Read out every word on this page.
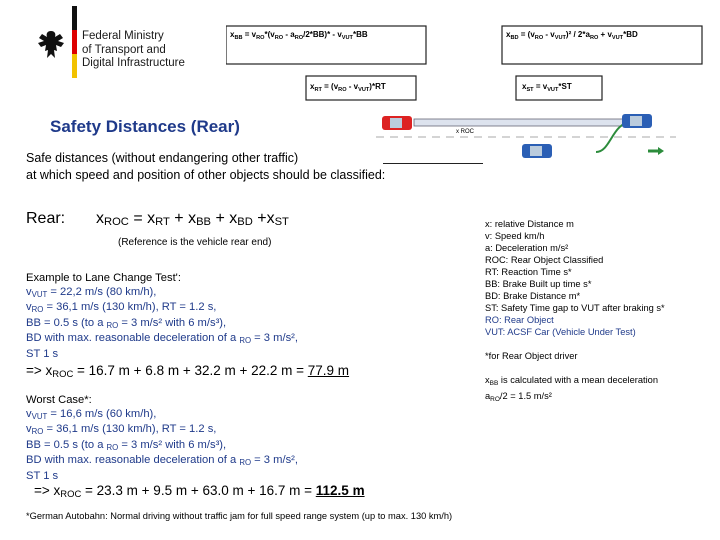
Federal Ministry
of Transport and
Digital Infrastructure
Safety Distances (Rear)
$x_{BB} = v_{RO}*(v_{RO} - a_{RO}/2*BB)* - v_{VUT}*BB$	$x_{BD} = (v_{RO} - v_{VUT})^2 / 2*a_{RO} + v_{VUT}*BD$
$x_{RT} = (v_{RO} - v_{VUT})*RT$	$x_{ST} = v_{VUT}*ST$
x ROC
Safe distances (without endangering other traffic)
at which speed and position of other objects should be classified:
Rear: $x_{ROC} = x_{RT} + x_{BB} + x_{BD} +x_{ST}$
(Reference is the vehicle rear end)
Example to Lane Change Test':
$v_{VUT} = 22,2$ m/s (80 km/h),
$v_{RO} = 36,1$ m/s (130 km/h), RT = 1.2 s,
BB = 0.5 s (to a $_{RO}$ = 3 m/s² with 6 m/s³),
BD with max. reasonable deceleration of a $_{RO}$ = 3 m/s²,
ST 1 s
=> $x_{ROC} = 16.7$ m + 6.8 m + 32.2 m + 22.2 m = 77.9 m
Worst Case*:
$v_{VUT} = 16,6$ m/s (60 km/h),
$v_{RO} = 36,1$ m/s (130 km/h), RT = 1.2 s,
BB = 0.5 s (to a $_{RO}$ = 3 m/s² with 6 m/s³),
BD with max. reasonable deceleration of a $_{RO}$ = 3 m/s²,
ST 1 s
=> $x_{ROC} = 23.3$ m + 9.5 m + 63.0 m + 16.7 m = 112.5 m
x: relative Distance m
v: Speed km/h
a: Deceleration m/s²
ROC: Rear Object Classified
RT: Reaction Time s*
BB: Brake Built up time s*
BD: Brake Distance m*
ST: Safety Time gap to VUT after braking s*
RO: Rear Object
VUT: ACSF Car (Vehicle Under Test)
*for Rear Object driver
$x_{BB}$ is calculated with a mean deceleration
$a_{RO}/2 = 1.5$ m/s²
*German Autobahn: Normal driving without traffic jam for full speed range system (up to max. 130 km/h)
